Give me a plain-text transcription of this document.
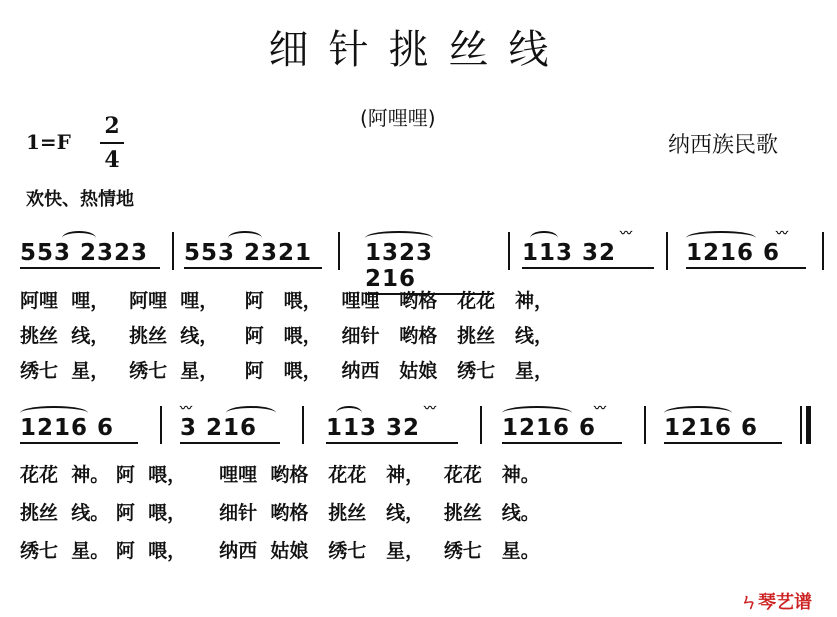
细针挑丝线
(阿哩哩)
1=F
2
4
纳西族民歌
欢快、热情地
553 2323	553 2321	1323 216
〰
113 32
〰
1216 6
阿哩  哩，   阿哩  哩，    阿   喂，   哩哩   哟格   花花   神，
挑丝  线，   挑丝  线，    阿   喂，   细针   哟格   挑丝   线，
绣七  星，   绣七  星，    阿   喂，   纳西   姑娘   绣七   星，
1216 6
〰
3 216
〰
113 32
〰
1216 6	1216 6
花花  神。 阿  喂，     哩哩  哟格   花花   神，   花花   神。
挑丝  线。 阿  喂，     细针  哟格   挑丝   线，   挑丝   线。
绣七  星。 阿  喂，     纳西  姑娘   绣七   星，   绣七   星。
ㄣ琴艺谱
